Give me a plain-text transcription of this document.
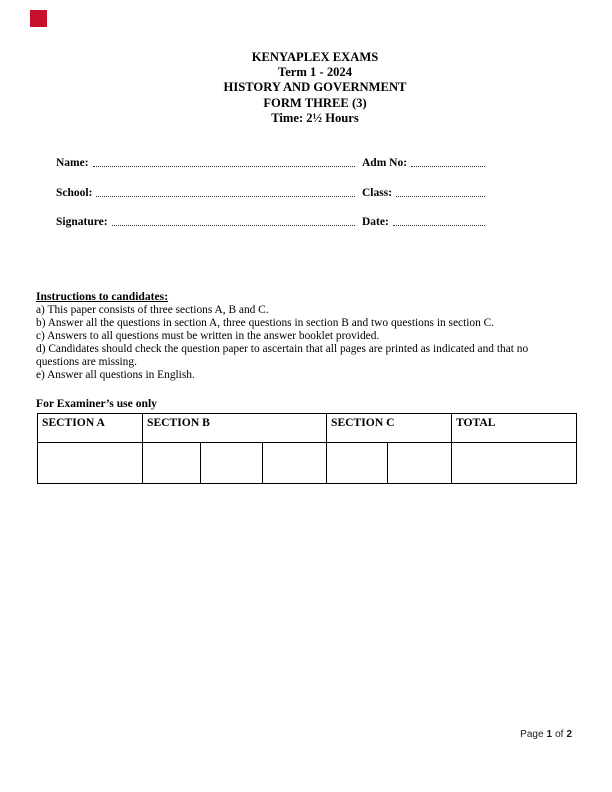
KENYAPLEX EXAMS
Term 1 - 2024
HISTORY AND GOVERNMENT
FORM THREE (3)
Time: 2½ Hours
Name:	Adm No:
School:	Class:
Signature:	Date:
Instructions to candidates:
a) This paper consists of three sections A, B and C.
b) Answer all the questions in section A, three questions in section B and two questions in section C.
c) Answers to all questions must be written in the answer booklet provided.
d) Candidates should check the question paper to ascertain that all pages are printed as indicated and that no
questions are missing.
e) Answer all questions in English.
For Examiner’s use only
SECTION A	SECTION B			SECTION C		TOTAL

Page 1 of 2
